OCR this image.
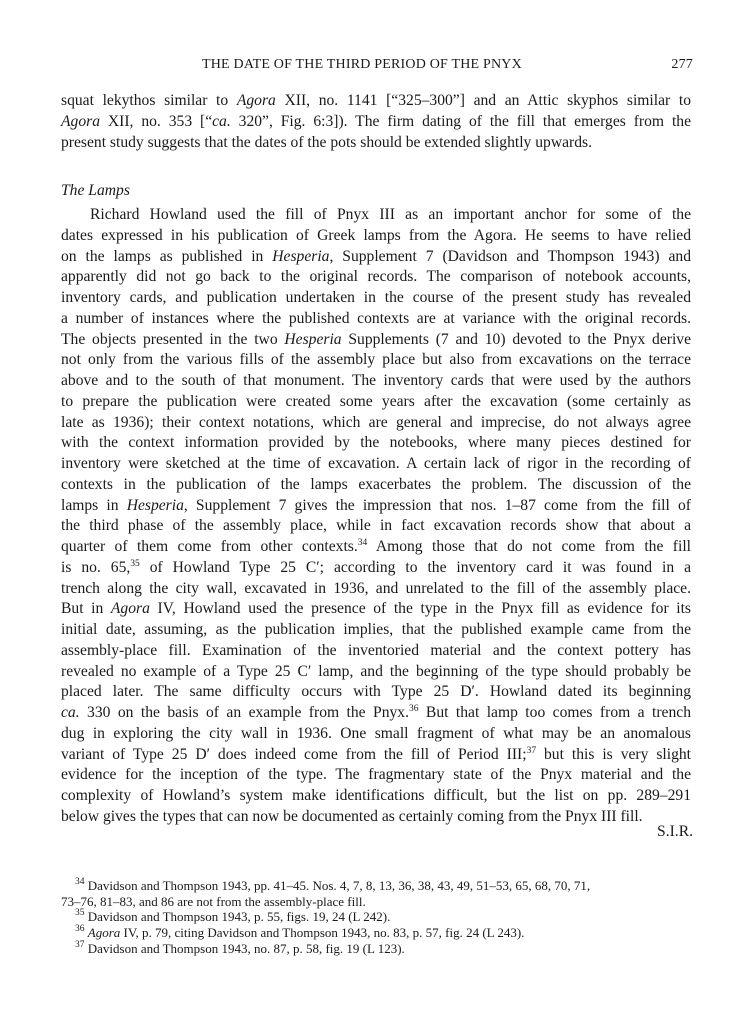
THE DATE OF THE THIRD PERIOD OF THE PNYX	277
squat lekythos similar to Agora XII, no. 1141 [“325–300”] and an Attic skyphos similar to
Agora XII, no. 353 [“ca. 320”, Fig. 6:3]). The firm dating of the fill that emerges from the
present study suggests that the dates of the pots should be extended slightly upwards.
The Lamps
Richard Howland used the fill of Pnyx III as an important anchor for some of the
dates expressed in his publication of Greek lamps from the Agora. He seems to have relied
on the lamps as published in Hesperia, Supplement 7 (Davidson and Thompson 1943) and
apparently did not go back to the original records. The comparison of notebook accounts,
inventory cards, and publication undertaken in the course of the present study has revealed
a number of instances where the published contexts are at variance with the original records.
The objects presented in the two Hesperia Supplements (7 and 10) devoted to the Pnyx derive
not only from the various fills of the assembly place but also from excavations on the terrace
above and to the south of that monument. The inventory cards that were used by the authors
to prepare the publication were created some years after the excavation (some certainly as
late as 1936); their context notations, which are general and imprecise, do not always agree
with the context information provided by the notebooks, where many pieces destined for
inventory were sketched at the time of excavation. A certain lack of rigor in the recording of
contexts in the publication of the lamps exacerbates the problem. The discussion of the
lamps in Hesperia, Supplement 7 gives the impression that nos. 1–87 come from the fill of
the third phase of the assembly place, while in fact excavation records show that about a
quarter of them come from other contexts.$^{34}$ Among those that do not come from the fill
is no. 65,35 of Howland Type 25 C′; according to the inventory card it was found in a
trench along the city wall, excavated in 1936, and unrelated to the fill of the assembly place.
But in Agora IV, Howland used the presence of the type in the Pnyx fill as evidence for its
initial date, assuming, as the publication implies, that the published example came from the
assembly-place fill. Examination of the inventoried material and the context pottery has
revealed no example of a Type 25 C′ lamp, and the beginning of the type should probably be
placed later. The same difficulty occurs with Type 25 D′. Howland dated its beginning
ca. 330 on the basis of an example from the Pnyx.$^{36}$ But that lamp too comes from a trench
dug in exploring the city wall in 1936. One small fragment of what may be an anomalous
variant of Type 25 D′ does indeed come from the fill of Period III;$^{37}$ but this is very slight
evidence for the inception of the type. The fragmentary state of the Pnyx material and the
complexity of Howland’s system make identifications difficult, but the list on pp. 289–291
below gives the types that can now be documented as certainly coming from the Pnyx III fill.
S.I.R.
$^{34}$ Davidson and Thompson 1943, pp. 41–45. Nos. 4, 7, 8, 13, 36, 38, 43, 49, 51–53, 65, 68, 70, 71,
73–76, 81–83, and 86 are not from the assembly-place fill.
$^{35}$ Davidson and Thompson 1943, p. 55, figs. 19, 24 (L 242).
$^{36}$ Agora IV, p. 79, citing Davidson and Thompson 1943, no. 83, p. 57, fig. 24 (L 243).
$^{37}$ Davidson and Thompson 1943, no. 87, p. 58, fig. 19 (L 123).
